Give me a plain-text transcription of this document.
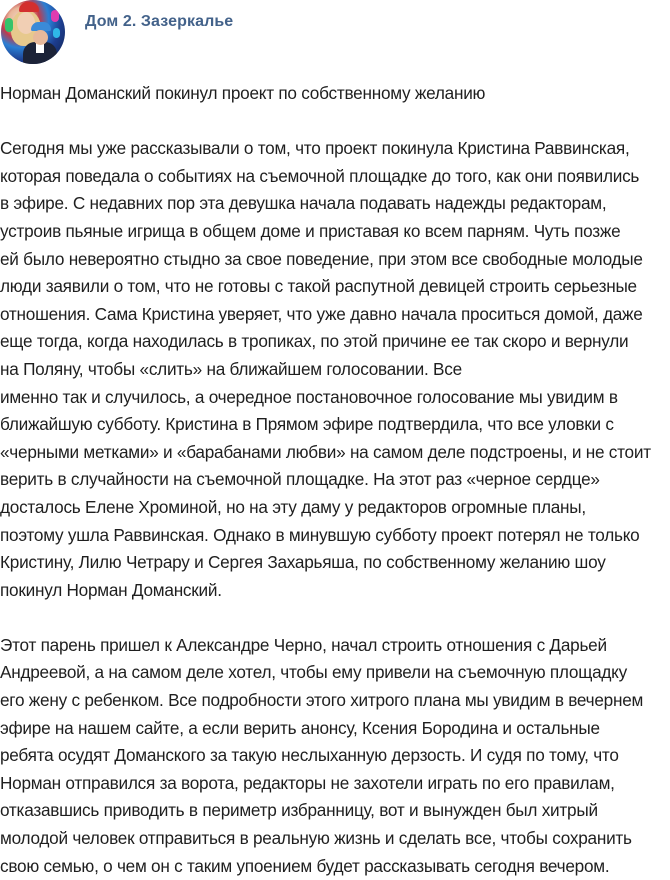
Дом 2. Зазеркалье

Норман Доманский покинул проект по собственному желанию

Сегодня мы уже рассказывали о том, что проект покинула Кристина Раввинская,

которая поведала о событиях на съемочной площадке до того, как они появились

в эфире. С недавних пор эта девушка начала подавать надежды редакторам,

устроив пьяные игрища в общем доме и приставая ко всем парням. Чуть позже

ей было невероятно стыдно за свое поведение, при этом все свободные молодые

люди заявили о том, что не готовы с такой распутной девицей строить серьезные

отношения. Сама Кристина уверяет, что уже давно начала проситься домой, даже

еще тогда, когда находилась в тропиках, по этой причине ее так скоро и вернули

на Поляну, чтобы «слить» на ближайшем голосовании. Все

именно так и случилось, а очередное постановочное голосование мы увидим в

ближайшую субботу. Кристина в Прямом эфире подтвердила, что все уловки с

«черными метками» и «барабанами любви» на самом деле подстроены, и не стоит

верить в случайности на съемочной площадке. На этот раз «черное сердце»

досталось Елене Хроминой, но на эту даму у редакторов огромные планы,

поэтому ушла Раввинская. Однако в минувшую субботу проект потерял не только

Кристину, Лилю Четрару и Сергея Захарьяша, по собственному желанию шоу

покинул Норман Доманский.

Этот парень пришел к Александре Черно, начал строить отношения с Дарьей

Андреевой, а на самом деле хотел, чтобы ему привели на съемочную площадку

его жену с ребенком. Все подробности этого хитрого плана мы увидим в вечернем

эфире на нашем сайте, а если верить анонсу, Ксения Бородина и остальные

ребята осудят Доманского за такую неслыханную дерзость. И судя по тому, что

Норман отправился за ворота, редакторы не захотели играть по его правилам,

отказавшись приводить в периметр избранницу, вот и вынужден был хитрый

молодой человек отправиться в реальную жизнь и сделать все, чтобы сохранить

свою семью, о чем он с таким упоением будет рассказывать сегодня вечером.
